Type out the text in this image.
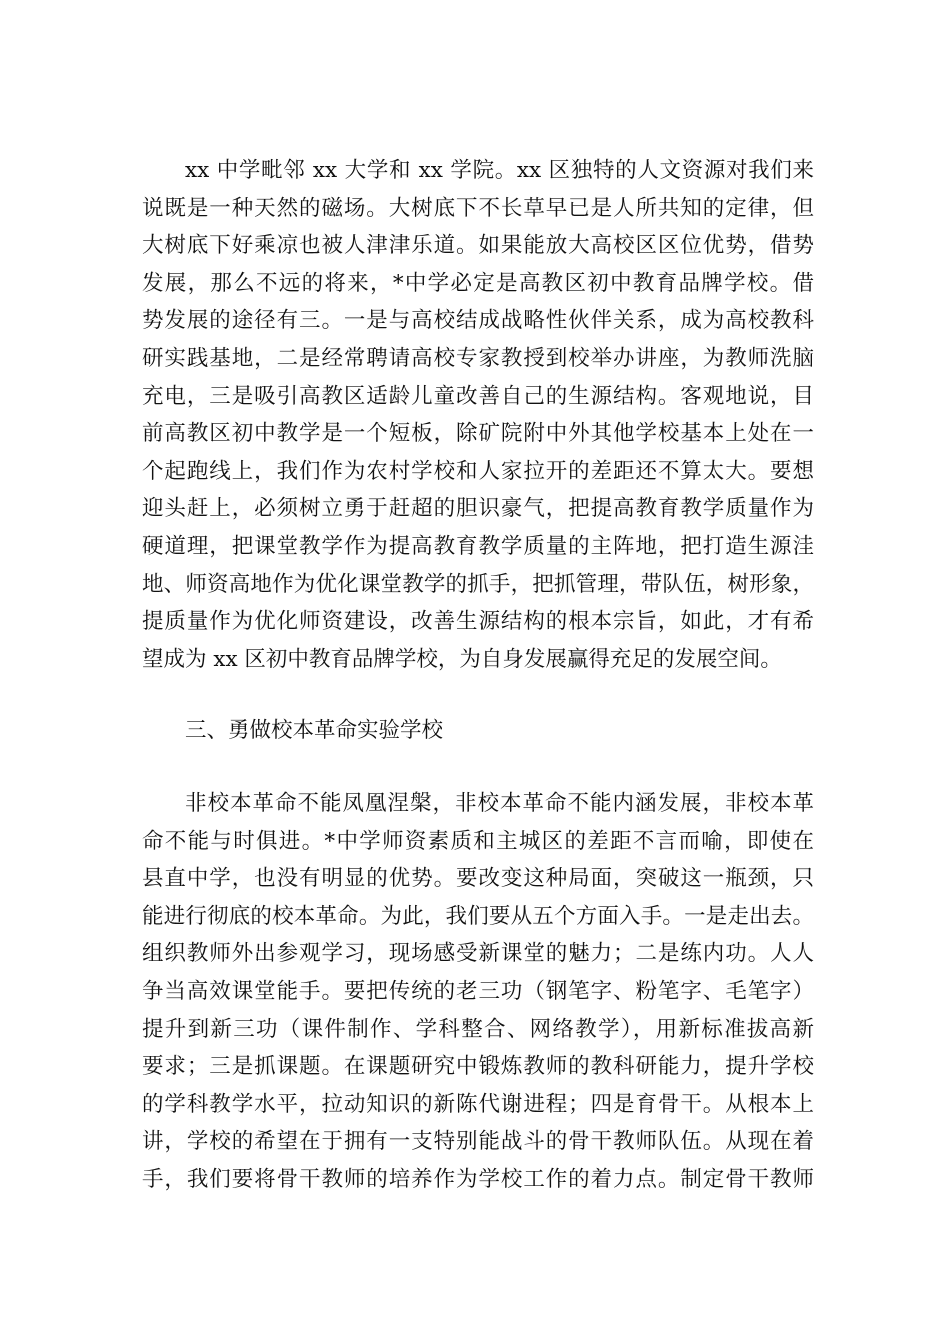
xx 中学毗邻 xx 大学和 xx 学院。xx 区独特的人文资源对我们来
说既是一种天然的磁场。大树底下不长草早已是人所共知的定律，但
大树底下好乘凉也被人津津乐道。如果能放大高校区区位优势，借势
发展，那么不远的将来，*中学必定是高教区初中教育品牌学校。借
势发展的途径有三。一是与高校结成战略性伙伴关系，成为高校教科
研实践基地，二是经常聘请高校专家教授到校举办讲座，为教师洗脑
充电，三是吸引高教区适龄儿童改善自己的生源结构。客观地说，目
前高教区初中教学是一个短板，除矿院附中外其他学校基本上处在一
个起跑线上，我们作为农村学校和人家拉开的差距还不算太大。要想
迎头赶上，必须树立勇于赶超的胆识豪气，把提高教育教学质量作为
硬道理，把课堂教学作为提高教育教学质量的主阵地，把打造生源洼
地、师资高地作为优化课堂教学的抓手，把抓管理，带队伍，树形象，
提质量作为优化师资建设，改善生源结构的根本宗旨，如此，才有希
望成为 xx 区初中教育品牌学校，为自身发展赢得充足的发展空间。
三、勇做校本革命实验学校
非校本革命不能凤凰涅槃，非校本革命不能内涵发展，非校本革
命不能与时俱进。*中学师资素质和主城区的差距不言而喻，即使在
县直中学，也没有明显的优势。要改变这种局面，突破这一瓶颈，只
能进行彻底的校本革命。为此，我们要从五个方面入手。一是走出去。
组织教师外出参观学习，现场感受新课堂的魅力；二是练内功。人人
争当高效课堂能手。要把传统的老三功（钢笔字、粉笔字、毛笔字）
提升到新三功（课件制作、学科整合、网络教学），用新标准拔高新
要求；三是抓课题。在课题研究中锻炼教师的教科研能力，提升学校
的学科教学水平，拉动知识的新陈代谢进程；四是育骨干。从根本上
讲，学校的希望在于拥有一支特别能战斗的骨干教师队伍。从现在着
手，我们要将骨干教师的培养作为学校工作的着力点。制定骨干教师
